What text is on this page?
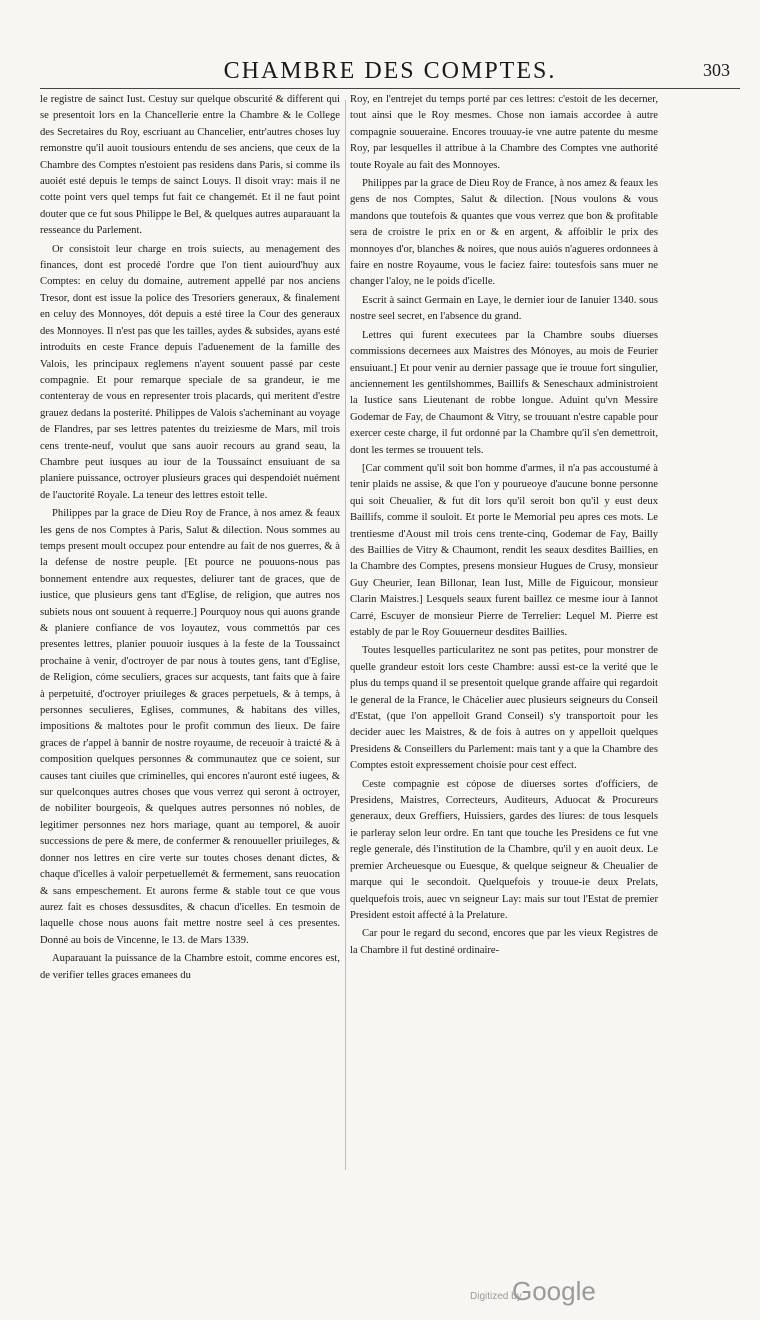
CHAMBRE DES COMPTES.	303

le registre de sainct Iust. Cestuy sur quelque obscurité & different qui se presentoit lors en la Chancellerie entre la Chambre & le College des Secretaires du Roy, escriuant au Chancelier, entr'autres choses luy remonstre qu'il auoit tousiours entendu de ses anciens, que ceux de la Chambre des Comptes n'estoient pas residens dans Paris, si comme ils auoiét esté depuis le temps de sainct Louys. Il disoit vray: mais il ne cotte point vers quel temps fut fait ce changemét. Et il ne faut point douter que ce fut sous Philippe le Bel, & quelques autres auparauant la resseance du Parlement.

Or consistoit leur charge en trois suiects, au menagement des finances, dont est procedé l'ordre que l'on tient auiourd'huy aux Comptes: en celuy du domaine, autrement appellé par nos anciens Tresor, dont est issue la police des Tresoriers generaux, & finalement en celuy des Monnoyes, dót depuis a esté tiree la Cour des generaux des Monnoyes. Il n'est pas que les tailles, aydes & subsides, ayans esté introduits en ceste France depuis l'aduenement de la famille des Valois, les principaux reglemens n'ayent souuent passé par ceste compagnie. Et pour remarque speciale de sa grandeur, ie me contenteray de vous en representer trois placards, qui meritent d'estre grauez dedans la posterité. Philippes de Valois s'acheminant au voyage de Flandres, par ses lettres patentes du treiziesme de Mars, mil trois cens trente-neuf, voulut que sans auoir recours au grand seau, la Chambre peut iusques au iour de la Toussainct ensuiuant de sa planiere puissance, octroyer plusieurs graces qui despendoiét nuément de l'auctorité Royale. La teneur des lettres estoit telle.

Philippes par la grace de Dieu Roy de France, à nos amez & feaux les gens de nos Comptes à Paris, Salut & dilection. Nous sommes au temps present moult occupez pour entendre au fait de nos guerres, & à la defense de nostre peuple. [Et pource ne pouuons-nous pas bonnement entendre aux requestes, deliurer tant de graces, que de iustice, que plusieurs gens tant d'Eglise, de religion, que autres nos subiets nous ont souuent à requerre.] Pourquoy nous qui auons grande & planiere confiance de vos loyautez, vous commettós par ces presentes lettres, planier pouuoir iusques à la feste de la Toussainct prochaine à venir, d'octroyer de par nous à toutes gens, tant d'Eglise, de Religion, cóme seculiers, graces sur acquests, tant faits que à faire à perpetuité, d'octroyer priuileges & graces perpetuels, & à temps, à personnes seculieres, Eglises, communes, & habitans des villes, impositions & maltotes pour le profit commun des lieux. De faire graces de r'appel à bannir de nostre royaume, de receuoir à traicté & à composition quelques personnes & communautez que ce soient, sur causes tant ciuiles que criminelles, qui encores n'auront esté iugees, & sur quelconques autres choses que vous verrez qui seront à octroyer, de nobiliter bourgeois, & quelques autres personnes nó nobles, de legitimer personnes nez hors mariage, quant au temporel, & auoir successions de pere & mere, de confermer & renouueller priuileges, & donner nos lettres en cire verte sur toutes choses denant dictes, & chaque d'icelles à valoir perpetuellemét & fermement, sans reuocation & sans empeschement. Et aurons ferme & stable tout ce que vous aurez fait es choses dessusdites, & chacun d'icelles. En tesmoin de laquelle chose nous auons fait mettre nostre seel à ces presentes. Donné au bois de Vincenne, le 13. de Mars 1339.

Auparauant la puissance de la Chambre estoit, comme encores est, de verifier telles graces emanees du

Roy, en l'entrejet du temps porté par ces lettres: c'estoit de les decerner, tout ainsi que le Roy mesmes. Chose non iamais accordee à autre compagnie souueraine. Encores trouuay-ie vne autre patente du mesme Roy, par lesquelles il attribue à la Chambre des Comptes vne authorité toute Royale au fait des Monnoyes.

Philippes par la grace de Dieu Roy de France, à nos amez & feaux les gens de nos Comptes, Salut & dilection. [Nous voulons & vous mandons que toutefois & quantes que vous verrez que bon & profitable sera de croistre le prix en or & en argent, & affoiblir le prix des monnoyes d'or, blanches & noires, que nous auiós n'agueres ordonnees à faire en nostre Royaume, vous le faciez faire: toutesfois sans muer ne changer l'aloy, ne le poids d'icelle.

Escrit à sainct Germain en Laye, le dernier iour de Ianuier 1340. sous nostre seel secret, en l'absence du grand.

Lettres qui furent executees par la Chambre soubs diuerses commissions decernees aux Maistres des Mónoyes, au mois de Feurier ensuiuant.] Et pour venir au dernier passage que ie trouue fort singulier, anciennement les gentilshommes, Baillifs & Seneschaux administroient la Iustice sans Lieutenant de robbe longue. Aduint qu'vn Messire Godemar de Fay, de Chaumont & Vitry, se trouuant n'estre capable pour exercer ceste charge, il fut ordonné par la Chambre qu'il s'en demettroit, dont les termes se trouuent tels.

[Car comment qu'il soit bon homme d'armes, il n'a pas accoustumé à tenir plaids ne assise, & que l'on y pourueoye d'aucune bonne personne qui soit Cheualier, & fut dit lors qu'il seroit bon qu'il y eust deux Baillifs, comme il souloit. Et porte le Memorial peu apres ces mots. Le trentiesme d'Aoust mil trois cens trente-cinq, Godemar de Fay, Bailly des Baillies de Vitry & Chaumont, rendit les seaux desdites Baillies, en la Chambre des Comptes, presens monsieur Hugues de Crusy, monsieur Guy Cheurier, Iean Billonar, Iean Iust, Mille de Figuicour, monsieur Clarin Maistres.] Lesquels seaux furent baillez ce mesme iour à Iannot Carré, Escuyer de monsieur Pierre de Terrelier: Lequel M. Pierre est estably de par le Roy Gouuerneur desdites Baillies.

Toutes lesquelles particularitez ne sont pas petites, pour monstrer de quelle grandeur estoit lors ceste Chambre: aussi est-ce la verité que le plus du temps quand il se presentoit quelque grande affaire qui regardoit le general de la France, le Chácelier auec plusieurs seigneurs du Conseil d'Estat, (que l'on appelloit Grand Conseil) s'y transportoit pour les decider auec les Maistres, & de fois à autres on y appelloit quelques Presidens & Conseillers du Parlement: mais tant y a que la Chambre des Comptes estoit expressement choisie pour cest effect.

Ceste compagnie est cópose de diuerses sortes d'officiers, de Presidens, Maistres, Correcteurs, Auditeurs, Aduocat & Procureurs generaux, deux Greffiers, Huissiers, gardes des liures: de tous lesquels ie parleray selon leur ordre. En tant que touche les Presidens ce fut vne regle generale, dés l'institution de la Chambre, qu'il y en auoit deux. Le premier Archeuesque ou Euesque, & quelque seigneur & Cheualier de marque qui le secondoit. Quelquefois y trouue-ie deux Prelats, quelquefois trois, auec vn seigneur Lay: mais sur tout l'Estat de premier President estoit affecté à la Prelature.

Car pour le regard du second, encores que par les vieux Registres de la Chambre il fut destiné ordinaire-

Digitized by
Google
